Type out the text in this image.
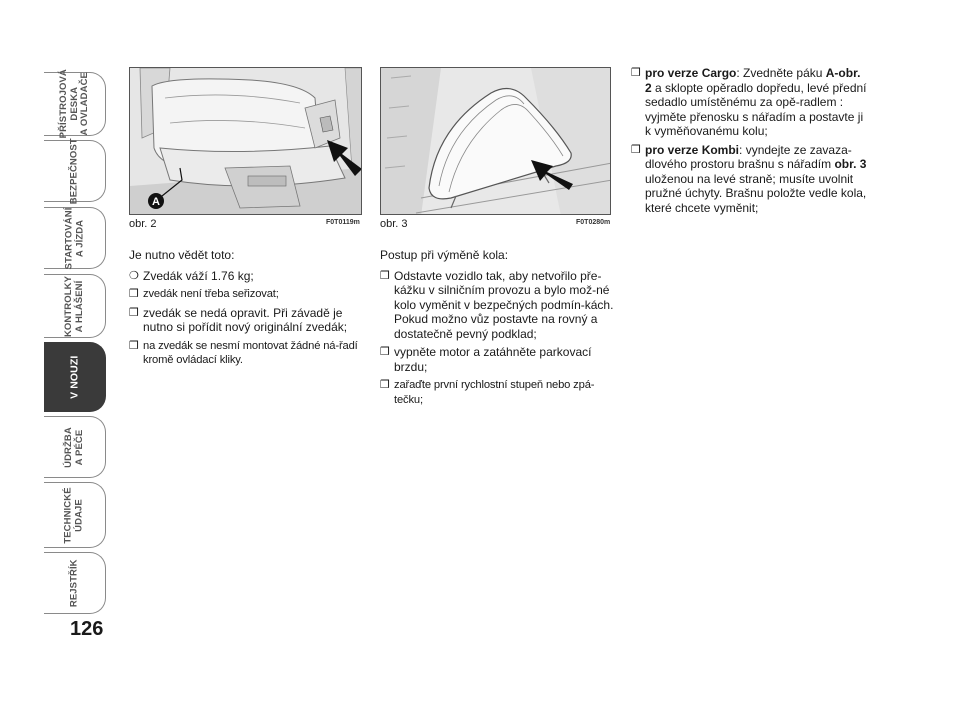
PŘÍSTROJOVÁ
DESKA
A OVLADAČE
BEZPEČNOST
STARTOVÁNÍ
A JÍZDA
KONTROLKY
A HLÁŠENÍ
V NOUZI
ÚDRŽBA
A PÉČE
TECHNICKÉ
ÚDAJE
REJSTŘÍK
126
A
obr. 2	F0T0119m obr. 3	F0T0280m
Je nutno vědět toto:
❍ Zvedák váží 1.76 kg;
❒ zvedák není třeba seřizovat;
❒ zvedák se nedá opravit. Při závadě je nutno si pořídit nový originální zvedák;
❒ na zvedák se nesmí montovat žádné ná-řadí kromě ovládací kliky.
Postup při výměně kola:
❒ Odstavte vozidlo tak, aby netvořilo pře-kážku v silničním provozu a bylo mož-né kolo vyměnit v bezpečných podmín-kách. Pokud možno vůz postavte na rovný a dostatečně pevný podklad;
❒ vypněte motor a zatáhněte parkovací brzdu;
❒ zařaďte první rychlostní stupeň nebo zpá-tečku;
❒ pro verze Cargo: Zvedněte páku A-obr. 2 a sklopte opěradlo dopředu, levé přední sedadlo umístěnému za opě-radlem : vyjměte přenosku s nářadím a postavte ji k vyměňovanému kolu;
❒ pro verze Kombi: vyndejte ze zavaza-dlového prostoru brašnu s nářadím obr. 3 uloženou na levé straně; musíte uvolnit pružné úchyty. Brašnu položte vedle kola, které chcete vyměnit;
